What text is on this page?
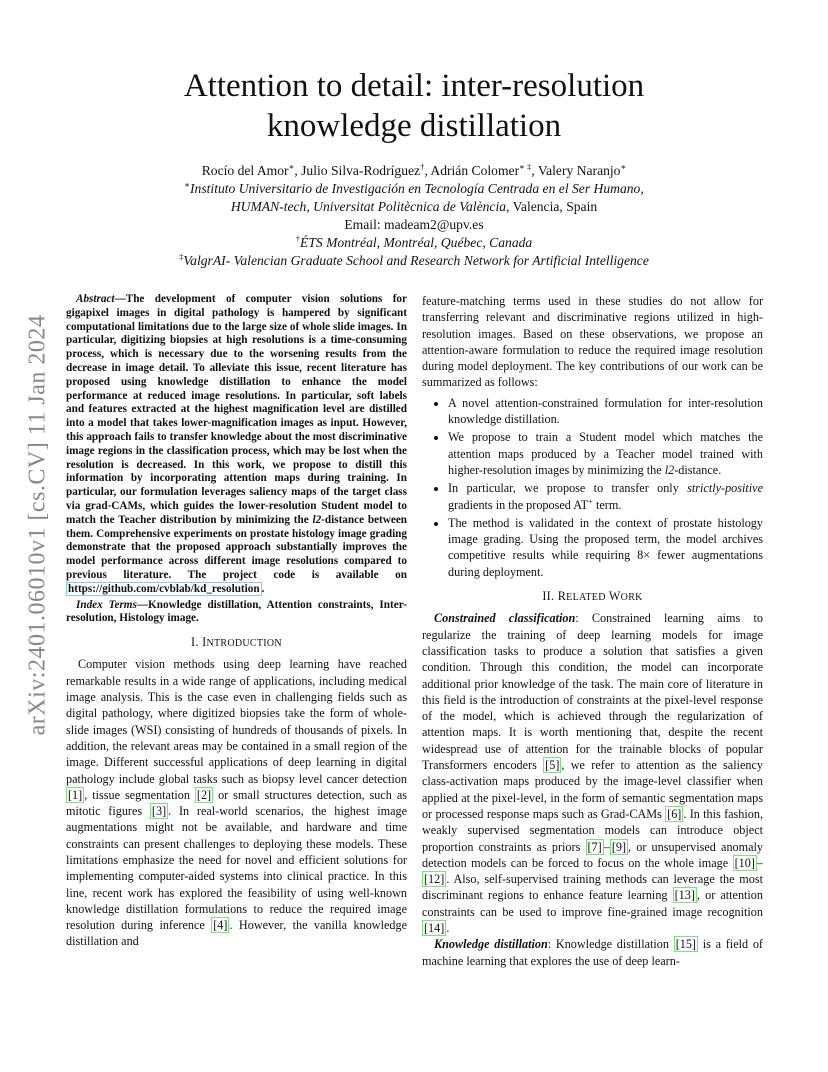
arXiv:2401.06010v1 [cs.CV] 11 Jan 2024
Attention to detail: inter-resolution knowledge distillation
Rocío del Amor∗, Julio Silva-Rodríguez†, Adrián Colomer∗ ‡, Valery Naranjo∗
∗Instituto Universitario de Investigación en Tecnología Centrada en el Ser Humano,
HUMAN-tech, Universitat Politècnica de València, Valencia, Spain
Email: madeam2@upv.es
†ÉTS Montréal, Montréal, Québec, Canada
‡ValgrAI- Valencian Graduate School and Research Network for Artificial Intelligence

Abstract—The development of computer vision solutions for gigapixel images in digital pathology is hampered by significant computational limitations due to the large size of whole slide images. In particular, digitizing biopsies at high resolutions is a time-consuming process, which is necessary due to the worsening results from the decrease in image detail. To alleviate this issue, recent literature has proposed using knowledge distillation to enhance the model performance at reduced image resolutions. In particular, soft labels and features extracted at the highest magnification level are distilled into a model that takes lower-magnification images as input. However, this approach fails to transfer knowledge about the most discriminative image regions in the classification process, which may be lost when the resolution is decreased. In this work, we propose to distill this information by incorporating attention maps during training. In particular, our formulation leverages saliency maps of the target class via grad-CAMs, which guides the lower-resolution Student model to match the Teacher distribution by minimizing the l2-distance between them. Comprehensive experiments on prostate histology image grading demonstrate that the proposed approach substantially improves the model performance across different image resolutions compared to previous literature. The project code is available on https://github.com/cvblab/kd_resolution .

Index Terms—Knowledge distillation, Attention constraints, Inter-resolution, Histology image.

I. INTRODUCTION

Computer vision methods using deep learning have reached remarkable results in a wide range of applications, including medical image analysis. This is the case even in challenging fields such as digital pathology, where digitized biopsies take the form of whole-slide images (WSI) consisting of hundreds of thousands of pixels. In addition, the relevant areas may be contained in a small region of the image. Different successful applications of deep learning in digital pathology include global tasks such as biopsy level cancer detection [1] , tissue segmentation [2] or small structures detection, such as mitotic figures [3] . In real-world scenarios, the highest image augmentations might not be available, and hardware and time constraints can present challenges to deploying these models. These limitations emphasize the need for novel and efficient solutions for implementing computer-aided systems into clinical practice. In this line, recent work has explored the feasibility of using well-known knowledge distillation formulations to reduce the required image resolution during inference [4] . However, the vanilla knowledge distillation and

feature-matching terms used in these studies do not allow for transferring relevant and discriminative regions utilized in high-resolution images. Based on these observations, we propose an attention-aware formulation to reduce the required image resolution during model deployment. The key contributions of our work can be summarized as follows:

• A novel attention-constrained formulation for inter-resolution knowledge distillation.
• We propose to train a Student model which matches the attention maps produced by a Teacher model trained with higher-resolution images by minimizing the l2-distance.
• In particular, we propose to transfer only strictly-positive gradients in the proposed AT+ term.
• The method is validated in the context of prostate histology image grading. Using the proposed term, the model archives competitive results while requiring 8× fewer augmentations during deployment.
II. RELATED WORK

Constrained classification: Constrained learning aims to regularize the training of deep learning models for image classification tasks to produce a solution that satisfies a given condition. Through this condition, the model can incorporate additional prior knowledge of the task. The main core of literature in this field is the introduction of constraints at the pixel-level response of the model, which is achieved through the regularization of attention maps. It is worth mentioning that, despite the recent widespread use of attention for the trainable blocks of popular Transformers encoders [5] , we refer to attention as the saliency class-activation maps produced by the image-level classifier when applied at the pixel-level, in the form of semantic segmentation maps or processed response maps such as Grad-CAMs [6] . In this fashion, weakly supervised segmentation models can introduce object proportion constraints as priors [7] – [9] , or unsupervised anomaly detection models can be forced to focus on the whole image [10] –[12] . Also, self-supervised training methods can leverage the most discriminant regions to enhance feature learning [13] , or attention constraints can be used to improve fine-grained image recognition [14] .

Knowledge distillation: Knowledge distillation [15] is a field of machine learning that explores the use of deep learn-
